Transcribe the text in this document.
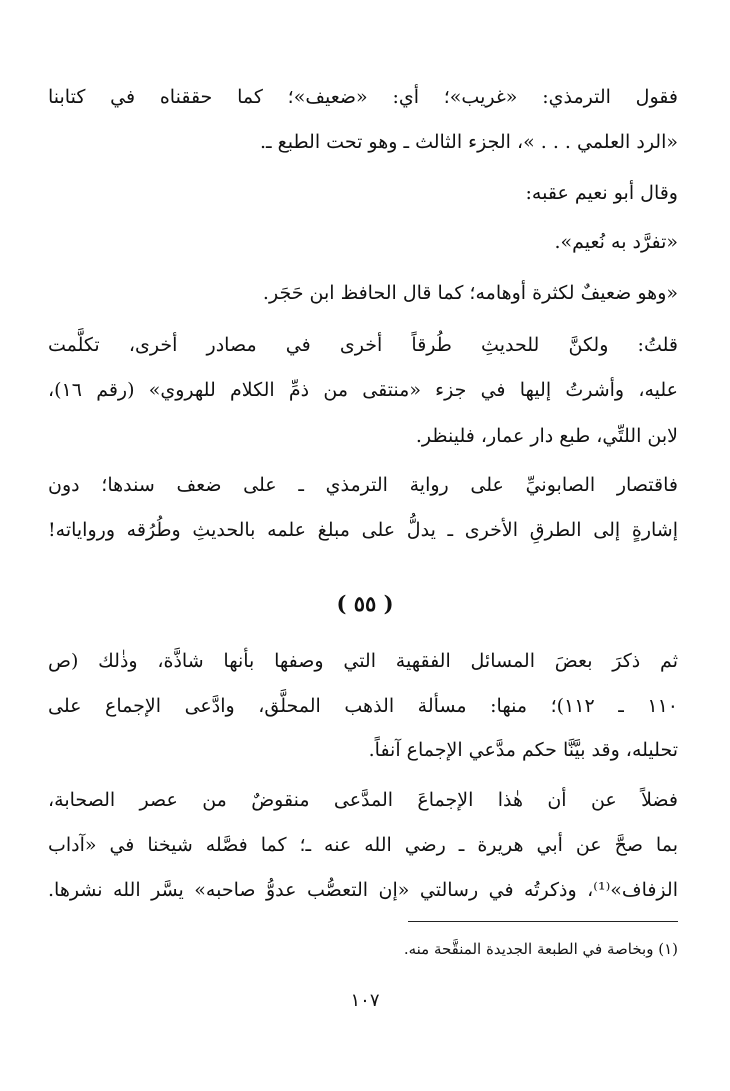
فقول الترمذي: «غريب»؛ أي: «ضعيف»؛ كما حققناه في كتابنا
«الرد العلمي . . . »، الجزء الثالث ـ وهو تحت الطبع ـ.
وقال أبو نعيم عقبه:
«تفرَّد به نُعيم».
«وهو ضعيفٌ لكثرة أوهامه؛ كما قال الحافظ ابن حَجَر.
قلتُ: ولكنَّ للحديثِ طُرقاً أخرى في مصادر أخرى، تكلَّمت
عليه، وأشرتُ إليها في جزء «منتقى من ذمِّ الكلام للهروي» (رقم ١٦)،
لابن اللتِّي، طبع دار عمار، فلينظر.
فاقتصار الصابونيِّ على رواية الترمذي ـ على ضعف سندها؛ دون
إشارةٍ إلى الطرقِ الأخرى ـ يدلُّ على مبلغ علمه بالحديثِ وطُرُقه ورواياته!
( ٥٥ )
ثم ذكرَ بعضَ المسائل الفقهية التي وصفها بأنها شاذَّة، وذٰلك (ص
١١٠ ـ ١١٢)؛ منها: مسألة الذهب المحلَّق، وادَّعى الإجماع على
تحليله، وقد بيَّنَّا حكم مدَّعي الإجماع آنفاً.
فضلاً عن أن هٰذا الإجماعَ المدَّعى منقوضٌ من عصر الصحابة،
بما صحَّ عن أبي هريرة ـ رضي الله عنه ـ؛ كما فصَّله شيخنا في «آداب
الزفاف»⁽¹⁾، وذكرتُه في رسالتي «إن التعصُّب عدوُّ صاحبه» يسَّر الله نشرها.
(١) وبخاصة في الطبعة الجديدة المنقَّحة منه.
١٠٧
